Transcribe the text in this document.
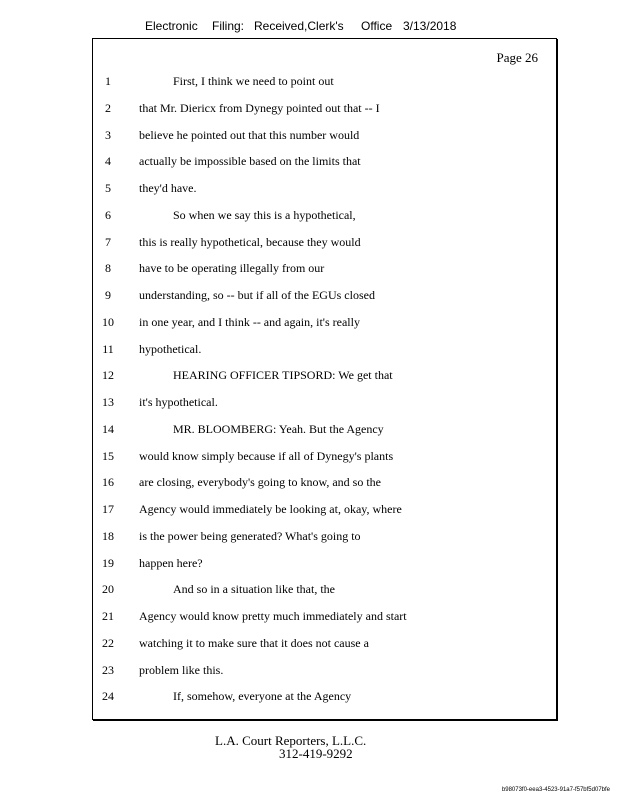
Electronic Filing: Received,Clerk's Office 3/13/2018
Page 26
1	First, I think we need to point out
2	that Mr. Diericx from Dynegy pointed out that -- I
3	believe he pointed out that this number would
4	actually be impossible based on the limits that
5	they'd have.
6	So when we say this is a hypothetical,
7	this is really hypothetical, because they would
8	have to be operating illegally from our
9	understanding, so -- but if all of the EGUs closed
10	in one year, and I think -- and again, it's really
11	hypothetical.
12	HEARING OFFICER TIPSORD: We get that
13	it's hypothetical.
14	MR. BLOOMBERG: Yeah. But the Agency
15	would know simply because if all of Dynegy's plants
16	are closing, everybody's going to know, and so the
17	Agency would immediately be looking at, okay, where
18	is the power being generated? What's going to
19	happen here?
20	And so in a situation like that, the
21	Agency would know pretty much immediately and start
22	watching it to make sure that it does not cause a
23	problem like this.
24	If, somehow, everyone at the Agency
L.A. Court Reporters, L.L.C.
312-419-9292
b98073f0-eea3-4523-91a7-f57bf5d07bfe
